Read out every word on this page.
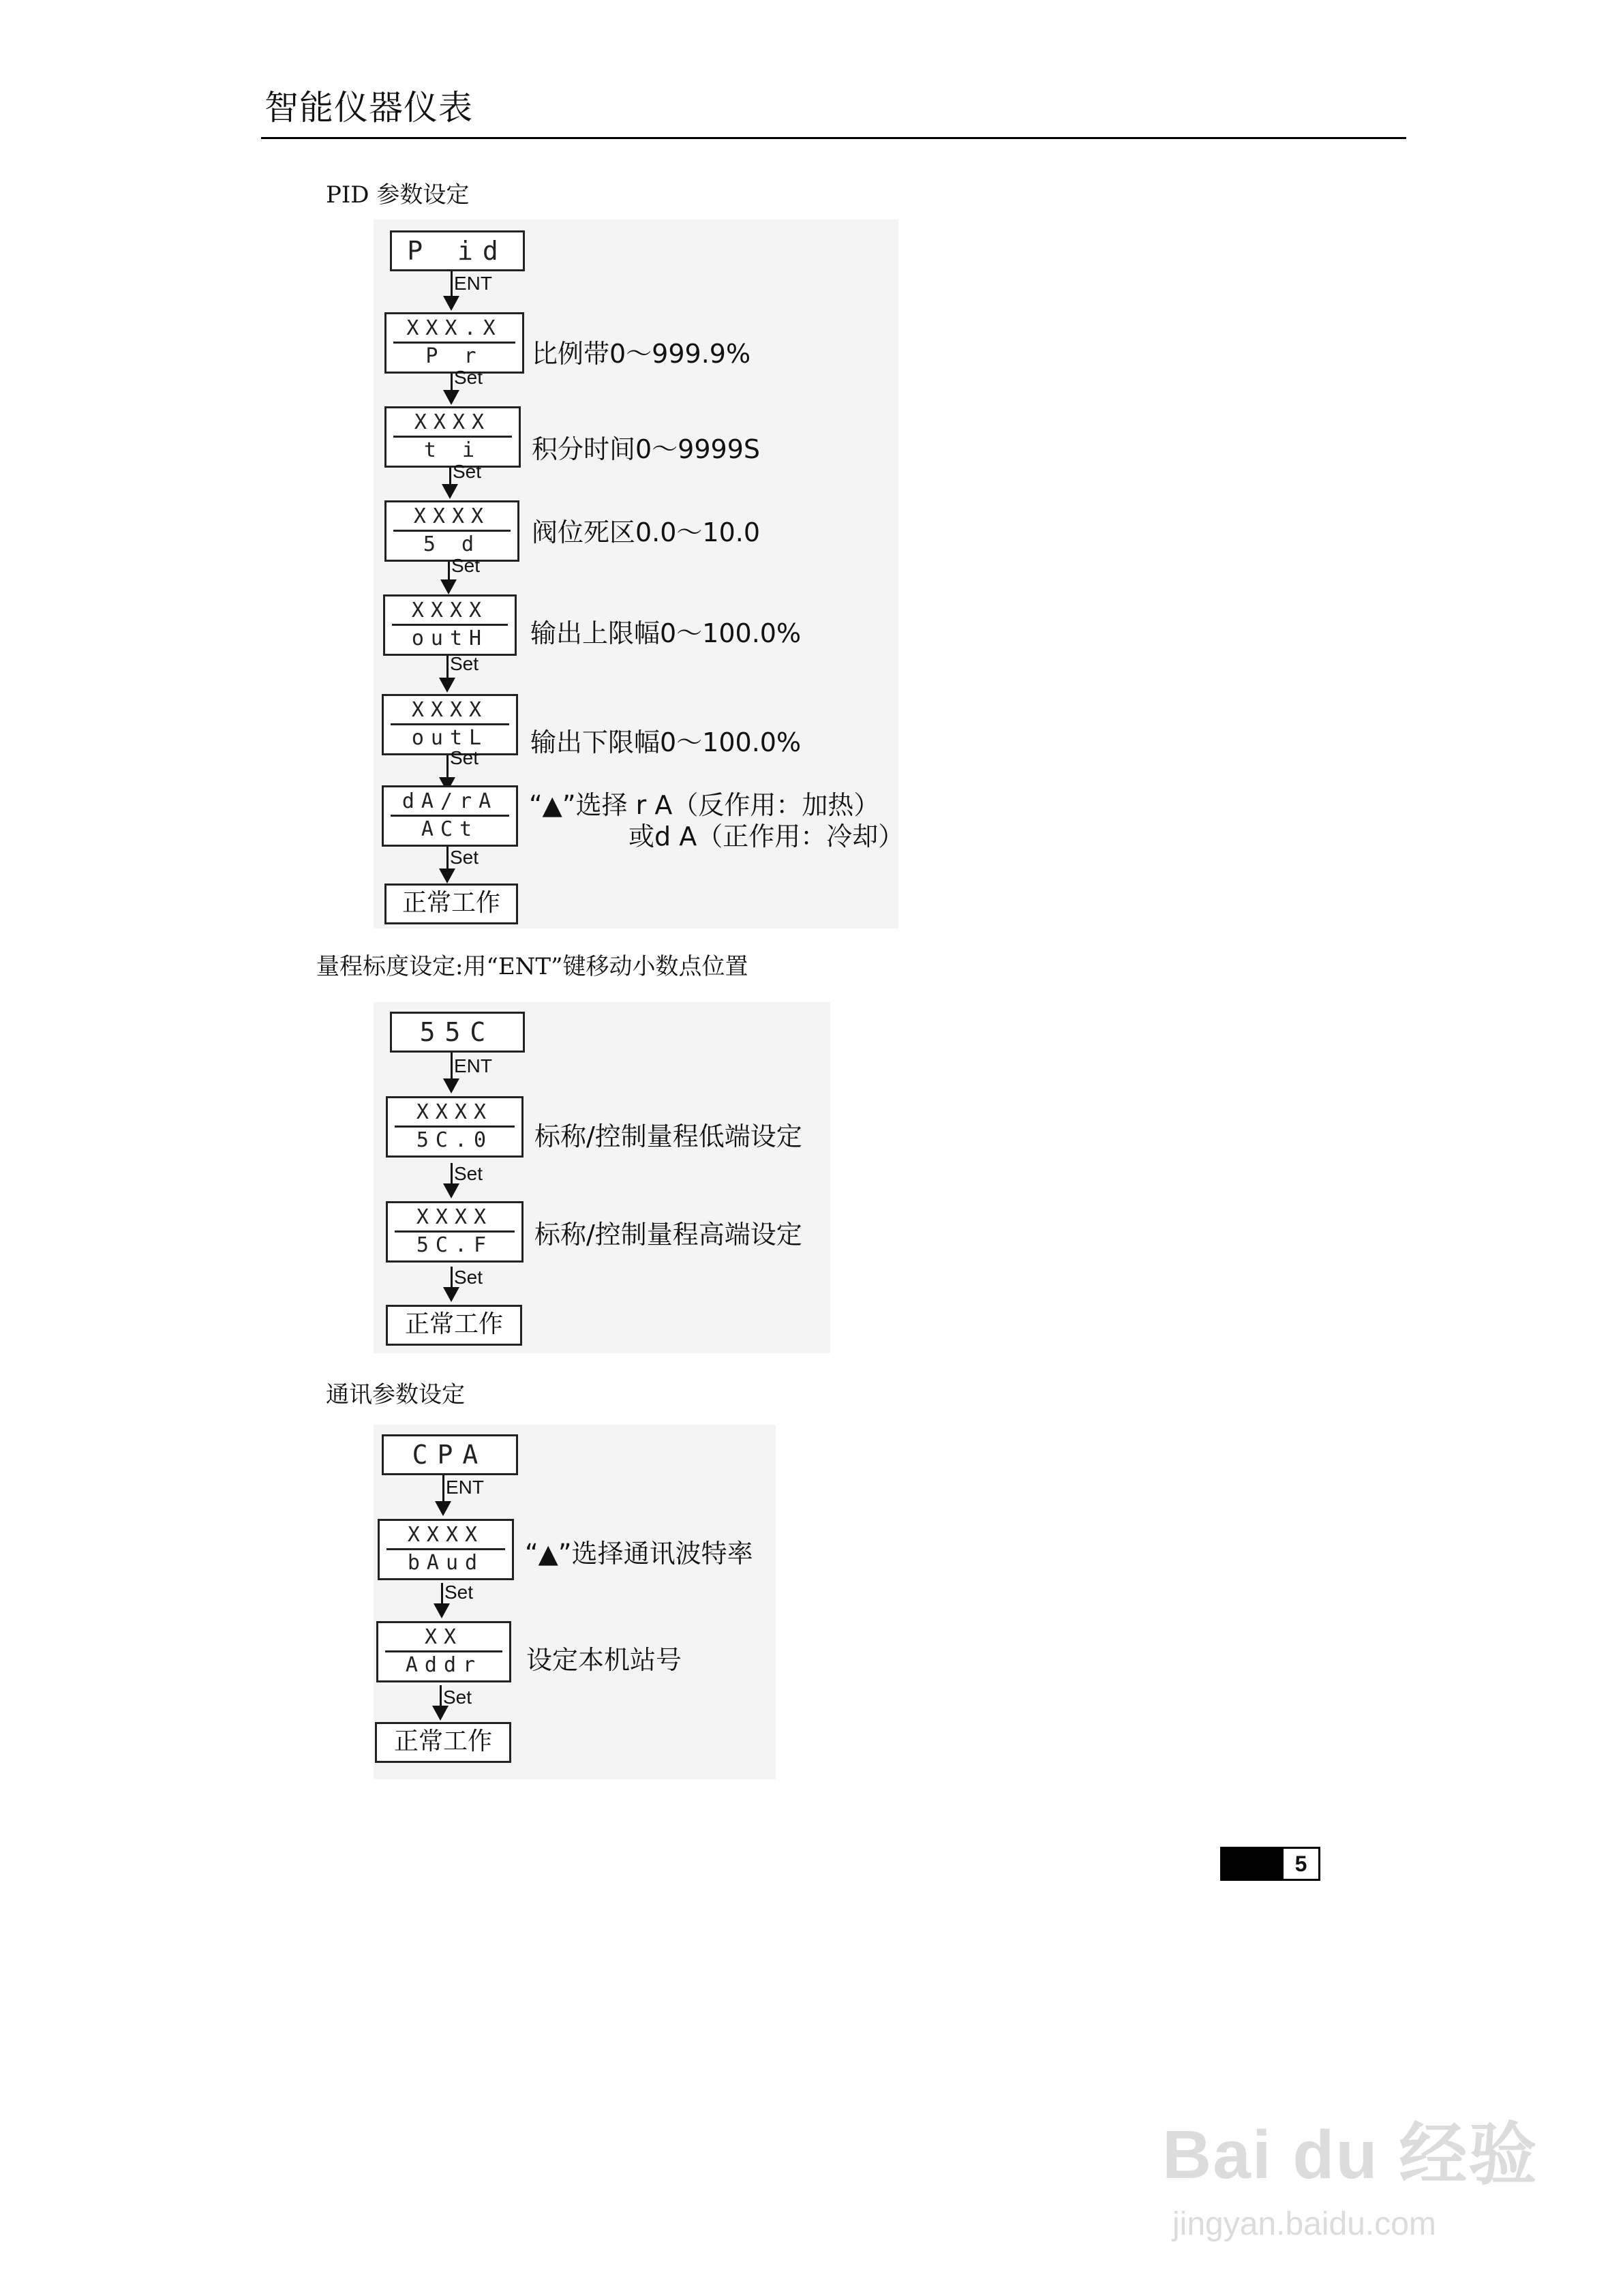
智能仪器仪表
PID 参数设定
P id
ENT
XXX.X
P r	比例带0～999.9%
Set
XXXX
t i	积分时间0～9999S
Set
XXXX
5 d	阀位死区0.0～10.0
Set
XXXX
outH	输出上限幅0～100.0%
Set
XXXX
outL	输出下限幅0～100.0%
Set
dA/rA
ACt
“▲”选择 r A（反作用：加热）
或d A（正作用：冷却）
Set
正常工作
量程标度设定:用“ENT”键移动小数点位置
55C
ENT
XXXX
5C.0	标称/控制量程低端设定
Set
XXXX
5C.F	标称/控制量程高端设定
Set
正常工作
通讯参数设定
CPA
ENT
XXXX
bAud	“▲”选择通讯波特率
Set
XX
Addr	设定本机站号
Set
正常工作
5
Bai du 经验
jingyan.baidu.com
